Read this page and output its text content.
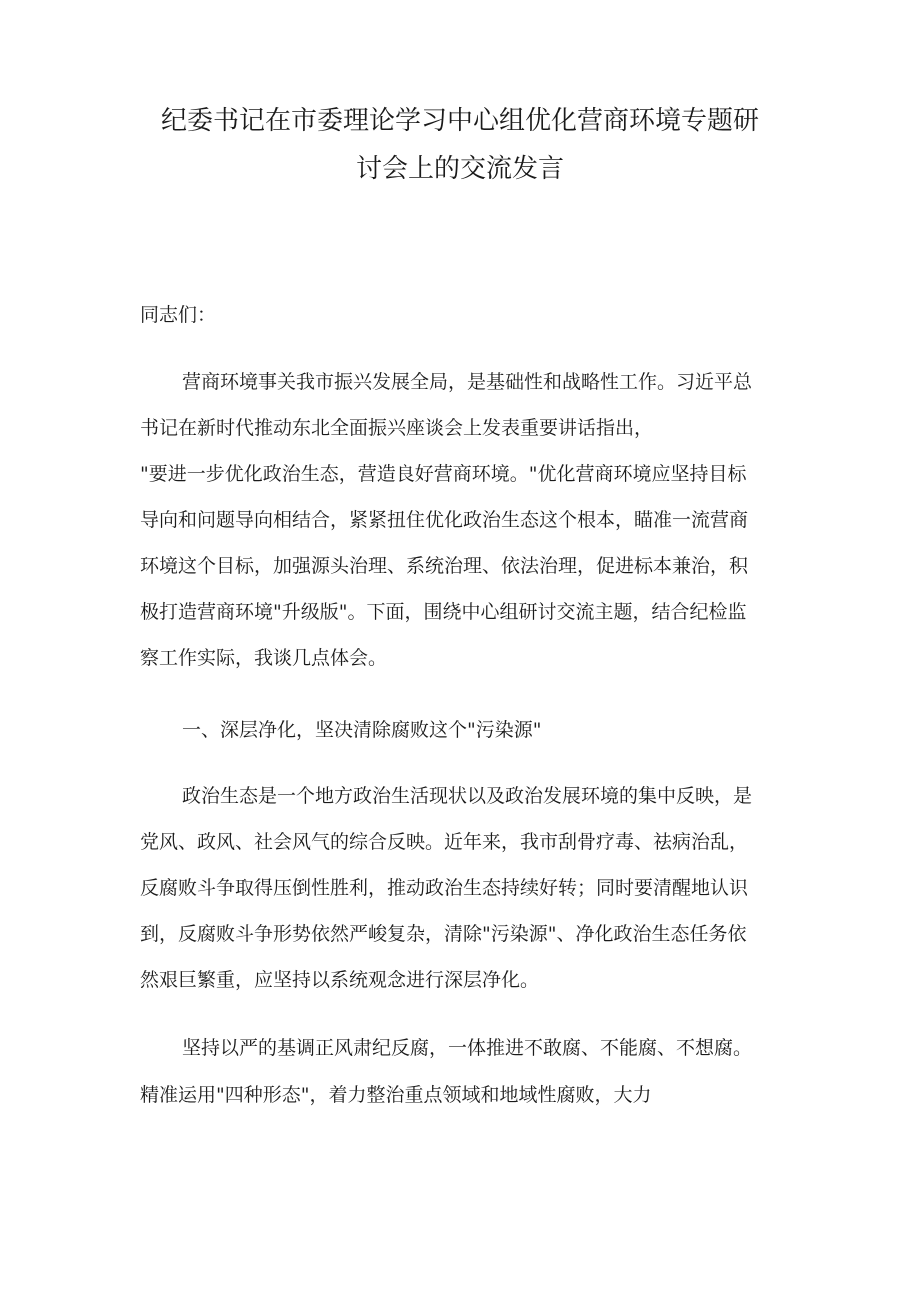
纪委书记在市委理论学习中心组优化营商环境专题研
讨会上的交流发言
同志们：
营商环境事关我市振兴发展全局，是基础性和战略性工作。习近平总
书记在新时代推动东北全面振兴座谈会上发表重要讲话指出，
"要进一步优化政治生态，营造良好营商环境。"优化营商环境应坚持目标
导向和问题导向相结合，紧紧扭住优化政治生态这个根本，瞄准一流营商
环境这个目标，加强源头治理、系统治理、依法治理，促进标本兼治，积
极打造营商环境"升级版"。下面，围绕中心组研讨交流主题，结合纪检监
察工作实际，我谈几点体会。
一、深层净化，坚决清除腐败这个"污染源"
政治生态是一个地方政治生活现状以及政治发展环境的集中反映，是
党风、政风、社会风气的综合反映。近年来，我市刮骨疗毒、祛病治乱，
反腐败斗争取得压倒性胜利，推动政治生态持续好转；同时要清醒地认识
到，反腐败斗争形势依然严峻复杂，清除"污染源"、净化政治生态任务依
然艰巨繁重，应坚持以系统观念进行深层净化。
坚持以严的基调正风肃纪反腐，一体推进不敢腐、不能腐、不想腐。
精准运用"四种形态"，着力整治重点领域和地域性腐败，大力
